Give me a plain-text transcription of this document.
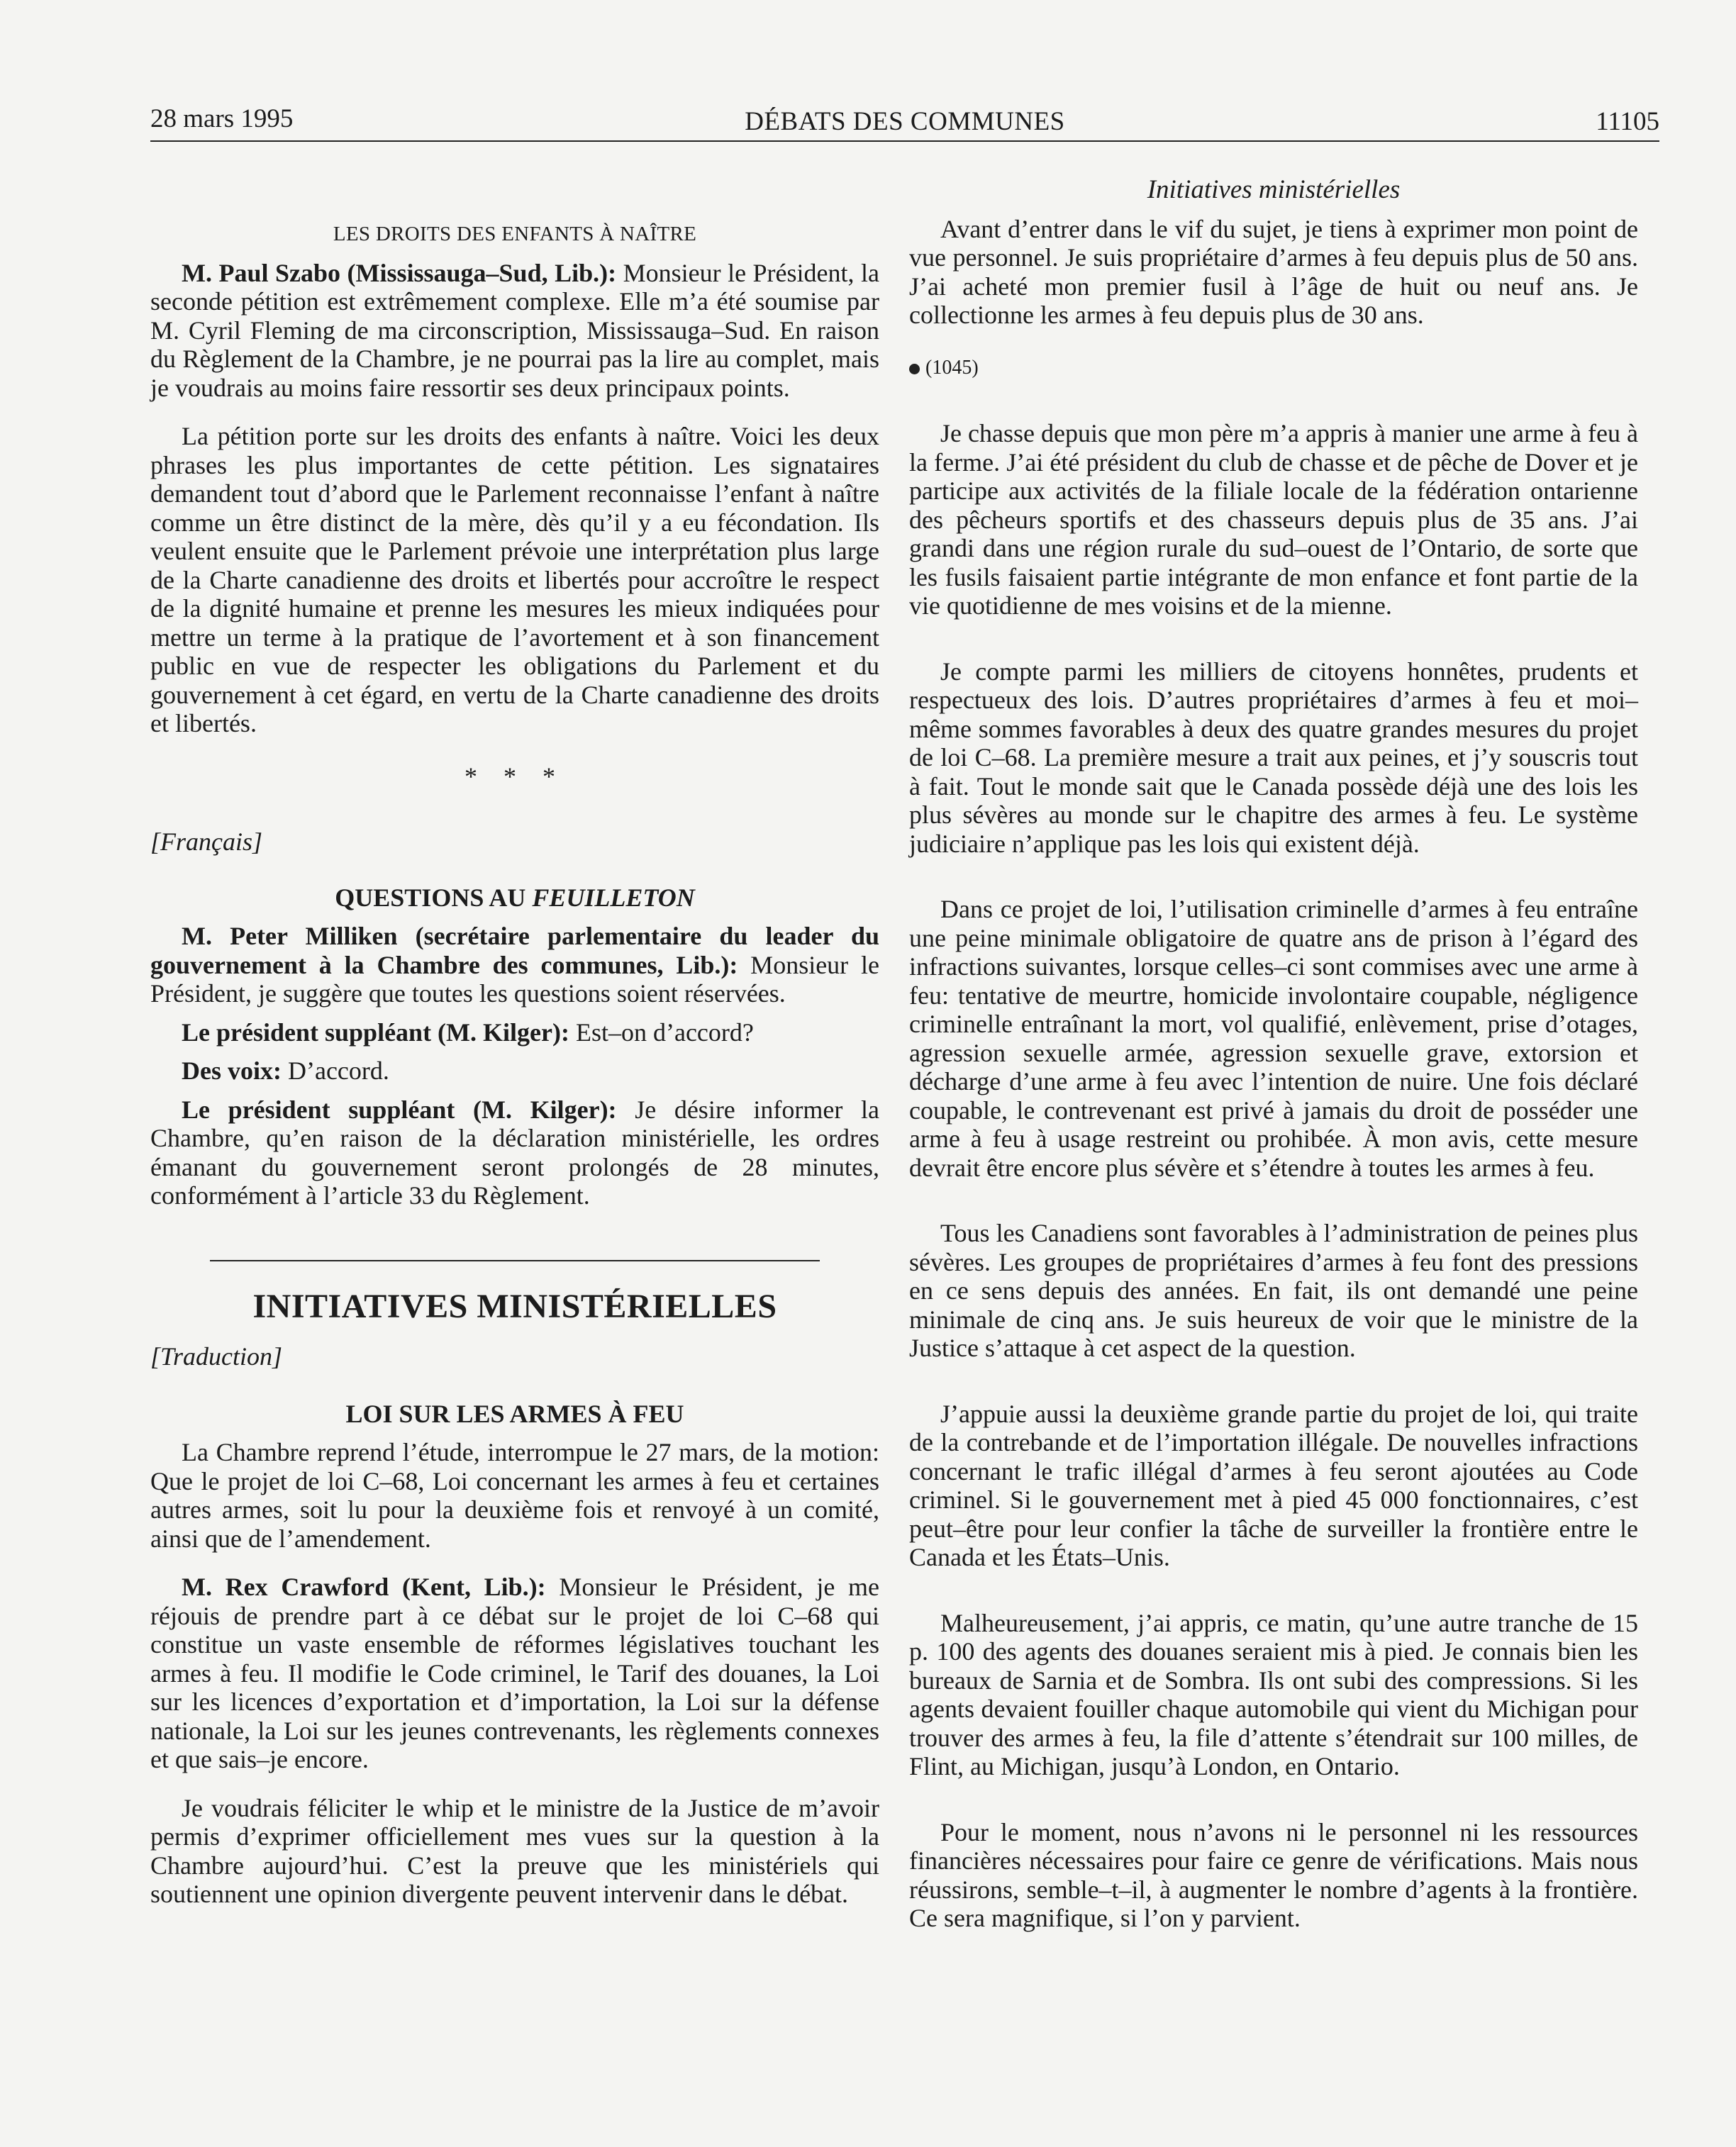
28 mars 1995	DÉBATS DES COMMUNES	11105
LES DROITS DES ENFANTS À NAÎTRE

M. Paul Szabo (Mississauga–Sud, Lib.): Monsieur le Président, la seconde pétition est extrêmement complexe. Elle m’a été soumise par M. Cyril Fleming de ma circonscription, Mississauga–Sud. En raison du Règlement de la Chambre, je ne pourrai pas la lire au complet, mais je voudrais au moins faire ressortir ses deux principaux points.

La pétition porte sur les droits des enfants à naître. Voici les deux phrases les plus importantes de cette pétition. Les signataires demandent tout d’abord que le Parlement reconnaisse l’enfant à naître comme un être distinct de la mère, dès qu’il y a eu fécondation. Ils veulent ensuite que le Parlement prévoie une interprétation plus large de la Charte canadienne des droits et libertés pour accroître le respect de la dignité humaine et prenne les mesures les mieux indiquées pour mettre un terme à la pratique de l’avortement et à son financement public en vue de respecter les obligations du Parlement et du gouvernement à cet égard, en vertu de la Charte canadienne des droits et libertés.

* * *
[Français]
QUESTIONS AU FEUILLETON

M. Peter Milliken (secrétaire parlementaire du leader du gouvernement à la Chambre des communes, Lib.): Monsieur le Président, je suggère que toutes les questions soient réservées.

Le président suppléant (M. Kilger): Est–on d’accord?

Des voix: D’accord.

Le président suppléant (M. Kilger): Je désire informer la Chambre, qu’en raison de la déclaration ministérielle, les ordres émanant du gouvernement seront prolongés de 28 minutes, conformément à l’article 33 du Règlement.

INITIATIVES MINISTÉRIELLES
[Traduction]
LOI SUR LES ARMES À FEU

La Chambre reprend l’étude, interrompue le 27 mars, de la motion: Que le projet de loi C–68, Loi concernant les armes à feu et certaines autres armes, soit lu pour la deuxième fois et renvoyé à un comité, ainsi que de l’amendement.

M. Rex Crawford (Kent, Lib.): Monsieur le Président, je me réjouis de prendre part à ce débat sur le projet de loi C–68 qui constitue un vaste ensemble de réformes législatives touchant les armes à feu. Il modifie le Code criminel, le Tarif des douanes, la Loi sur les licences d’exportation et d’importation, la Loi sur la défense nationale, la Loi sur les jeunes contrevenants, les règlements connexes et que sais–je encore.

Je voudrais féliciter le whip et le ministre de la Justice de m’avoir permis d’exprimer officiellement mes vues sur la question à la Chambre aujourd’hui. C’est la preuve que les ministériels qui soutiennent une opinion divergente peuvent intervenir dans le débat.

Initiatives ministérielles

Avant d’entrer dans le vif du sujet, je tiens à exprimer mon point de vue personnel. Je suis propriétaire d’armes à feu depuis plus de 50 ans. J’ai acheté mon premier fusil à l’âge de huit ou neuf ans. Je collectionne les armes à feu depuis plus de 30 ans.

(1045)

Je chasse depuis que mon père m’a appris à manier une arme à feu à la ferme. J’ai été président du club de chasse et de pêche de Dover et je participe aux activités de la filiale locale de la fédération ontarienne des pêcheurs sportifs et des chasseurs depuis plus de 35 ans. J’ai grandi dans une région rurale du sud–ouest de l’Ontario, de sorte que les fusils faisaient partie intégrante de mon enfance et font partie de la vie quotidienne de mes voisins et de la mienne.

Je compte parmi les milliers de citoyens honnêtes, prudents et respectueux des lois. D’autres propriétaires d’armes à feu et moi–même sommes favorables à deux des quatre grandes mesures du projet de loi C–68. La première mesure a trait aux peines, et j’y souscris tout à fait. Tout le monde sait que le Canada possède déjà une des lois les plus sévères au monde sur le chapitre des armes à feu. Le système judiciaire n’applique pas les lois qui existent déjà.

Dans ce projet de loi, l’utilisation criminelle d’armes à feu entraîne une peine minimale obligatoire de quatre ans de prison à l’égard des infractions suivantes, lorsque celles–ci sont commises avec une arme à feu: tentative de meurtre, homicide involontaire coupable, négligence criminelle entraînant la mort, vol qualifié, enlèvement, prise d’otages, agression sexuelle armée, agression sexuelle grave, extorsion et décharge d’une arme à feu avec l’intention de nuire. Une fois déclaré coupable, le contrevenant est privé à jamais du droit de posséder une arme à feu à usage restreint ou prohibée. À mon avis, cette mesure devrait être encore plus sévère et s’étendre à toutes les armes à feu.

Tous les Canadiens sont favorables à l’administration de peines plus sévères. Les groupes de propriétaires d’armes à feu font des pressions en ce sens depuis des années. En fait, ils ont demandé une peine minimale de cinq ans. Je suis heureux de voir que le ministre de la Justice s’attaque à cet aspect de la question.

J’appuie aussi la deuxième grande partie du projet de loi, qui traite de la contrebande et de l’importation illégale. De nouvelles infractions concernant le trafic illégal d’armes à feu seront ajoutées au Code criminel. Si le gouvernement met à pied 45 000 fonctionnaires, c’est peut–être pour leur confier la tâche de surveiller la frontière entre le Canada et les États–Unis.

Malheureusement, j’ai appris, ce matin, qu’une autre tranche de 15 p. 100 des agents des douanes seraient mis à pied. Je connais bien les bureaux de Sarnia et de Sombra. Ils ont subi des compressions. Si les agents devaient fouiller chaque automobile qui vient du Michigan pour trouver des armes à feu, la file d’attente s’étendrait sur 100 milles, de Flint, au Michigan, jusqu’à London, en Ontario.

Pour le moment, nous n’avons ni le personnel ni les ressources financières nécessaires pour faire ce genre de vérifications. Mais nous réussirons, semble–t–il, à augmenter le nombre d’agents à la frontière. Ce sera magnifique, si l’on y parvient.
